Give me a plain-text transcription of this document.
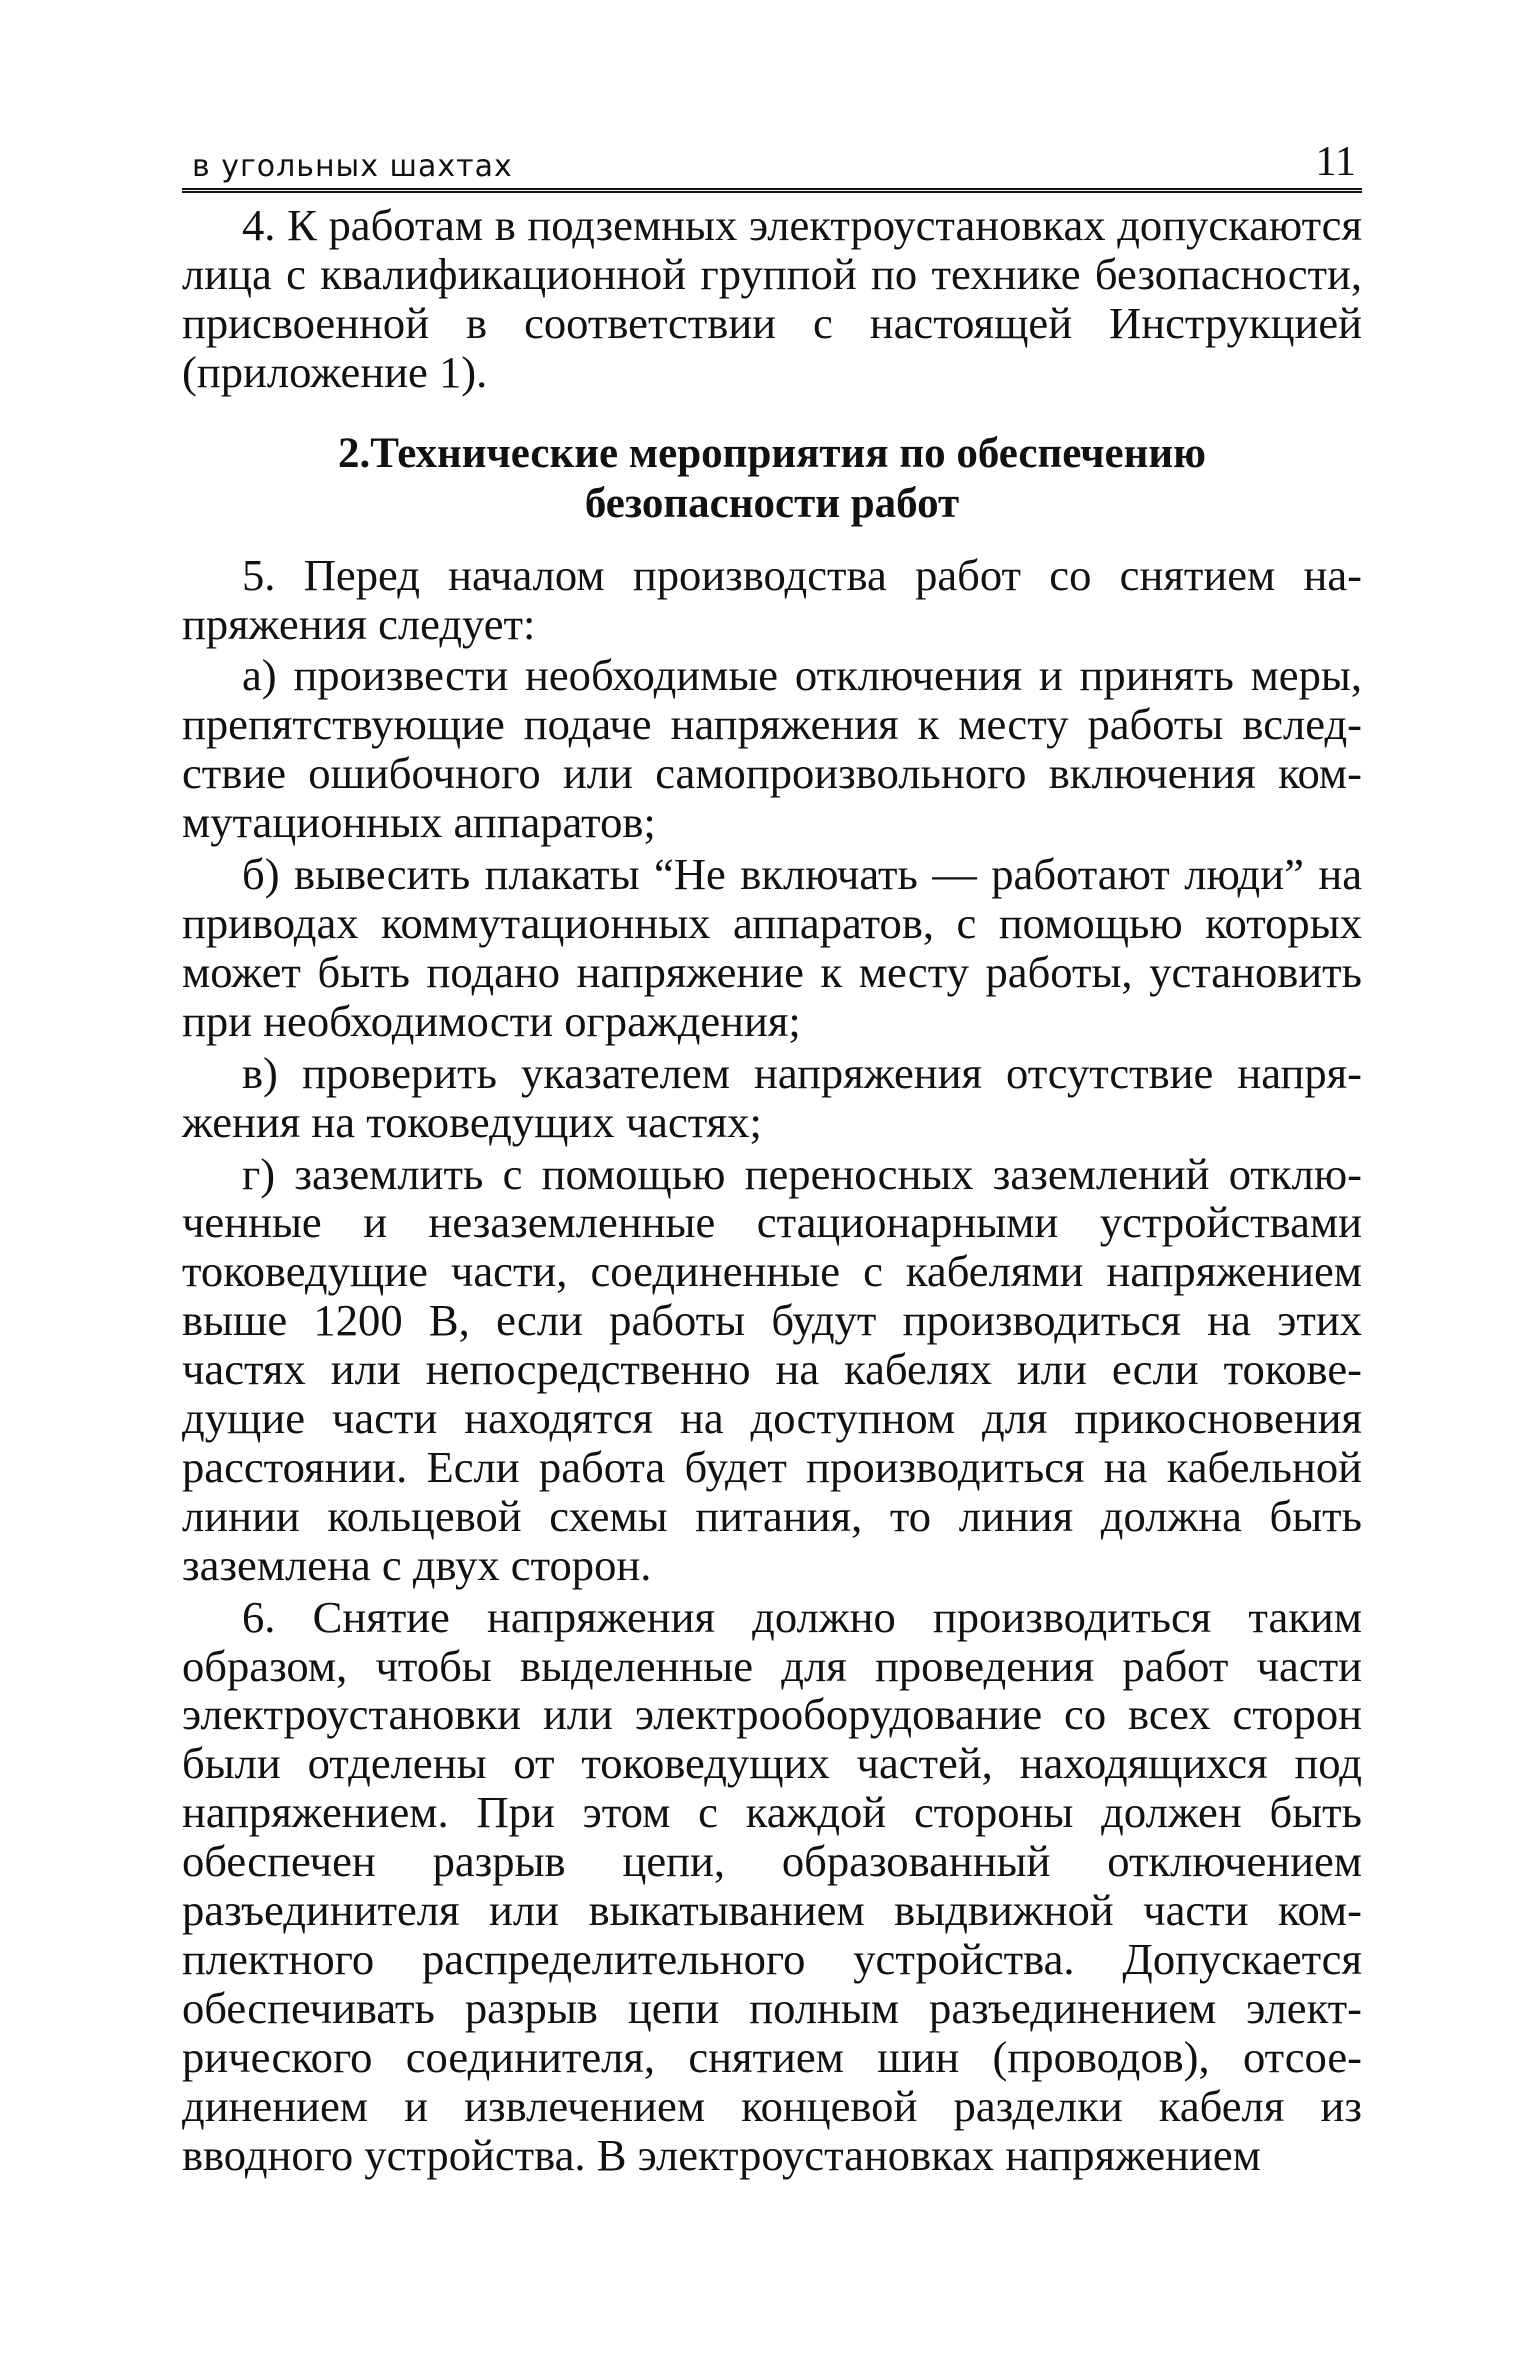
в угольных шахтах	11

4. К работам в подземных электроустановках допускаются лица с квалификационной группой по технике безопасности, присвоенной в соответствии с настоящей Инструкцией (приложение 1).

2.Технические мероприятия по обеспечению
безопасности работ

5. Перед началом производства работ со снятием напряжения следует:

а) произвести необходимые отключения и принять меры, препятствующие подаче напряжения к месту работы вследствие ошибочного или самопроизвольного включения коммутационных аппаратов;

б) вывесить плакаты “Не включать — работают люди” на приводах коммутационных аппаратов, с помощью которых может быть подано напряжение к месту работы, установить при необходимости ограждения;

в) проверить указателем напряжения отсутствие напряжения на токоведущих частях;

г) заземлить с помощью переносных заземлений отключенные и незаземленные стационарными устройствами токоведущие части, соединенные с кабелями напряжением выше 1200 В, если работы будут производиться на этих частях или непосредственно на кабелях или если токоведущие части находятся на доступном для прикосновения расстоянии. Если работа будет производиться на кабельной линии кольцевой схемы питания, то линия должна быть заземлена с двух сторон.

6. Снятие напряжения должно производиться таким образом, чтобы выделенные для проведения работ части электроустановки или электрооборудование со всех сторон были отделены от токоведущих частей, находящихся под напряжением. При этом с каждой стороны должен быть обеспечен разрыв цепи, образованный отключением разъединителя или выкатыванием выдвижной части комплектного распределительного устройства. Допускается обеспечивать разрыв цепи полным разъединением электрического соединителя, снятием шин (проводов), отсоединением и извлечением концевой разделки кабеля из вводного устройства. В электроустановках напряжением
